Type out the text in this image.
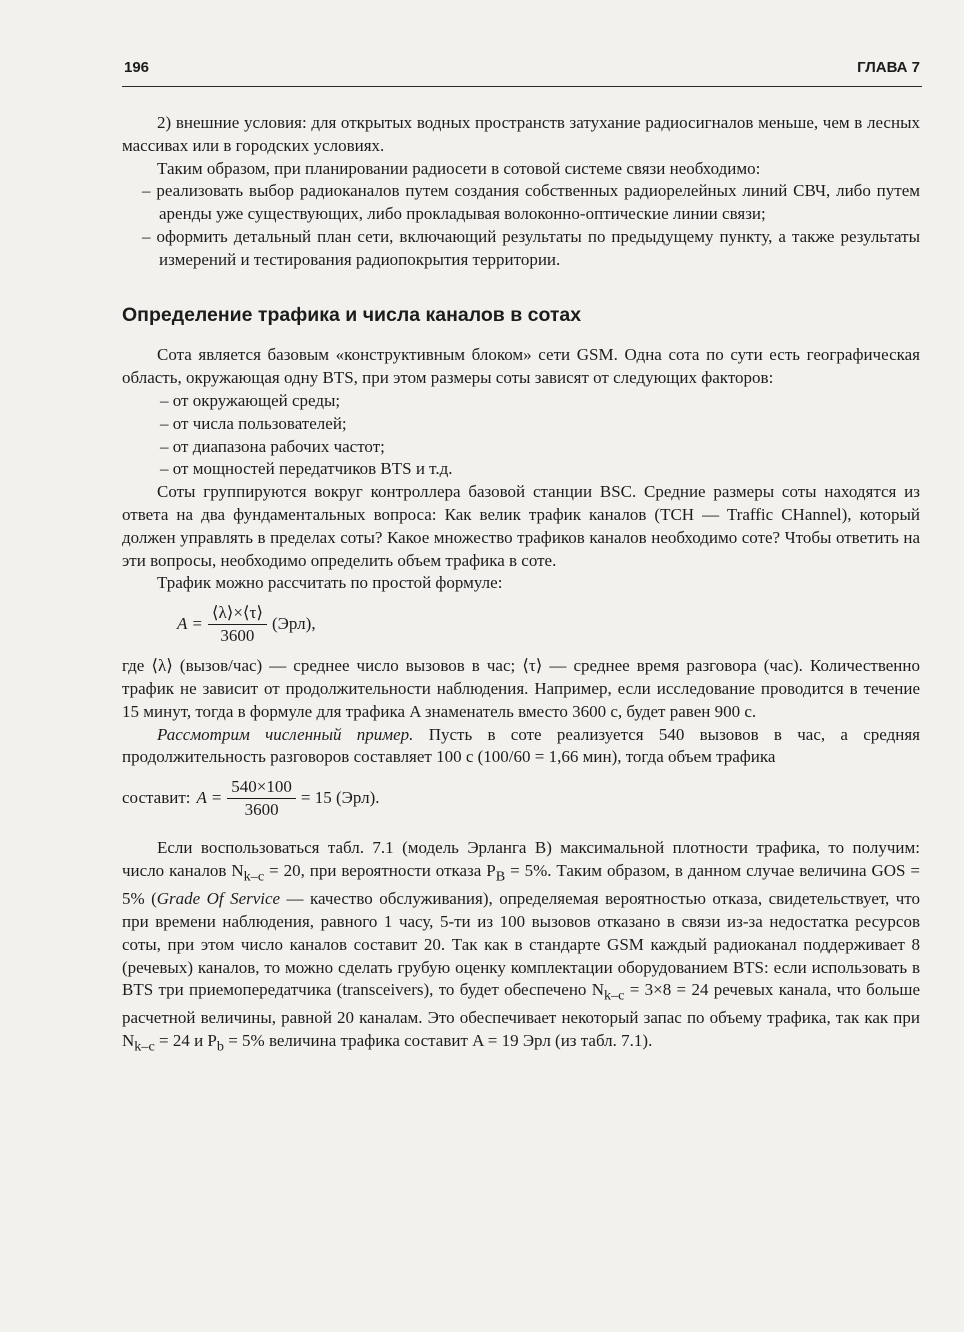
196	ГЛАВА 7

2) внешние условия: для открытых водных пространств затухание радиосигналов меньше, чем в лесных массивах или в городских условиях.

Таким образом, при планировании радиосети в сотовой системе связи необходимо:

– реализовать выбор радиоканалов путем создания собственных радиорелейных линий СВЧ, либо путем аренды уже существующих, либо прокладывая волоконно-оптические линии связи;

– оформить детальный план сети, включающий результаты по предыдущему пункту, а также результаты измерений и тестирования радиопокрытия территории.

Определение трафика и числа каналов в сотах

Сота является базовым «конструктивным блоком» сети GSM. Одна сота по сути есть географическая область, окружающая одну BTS, при этом размеры соты зависят от следующих факторов:

– от окружающей среды;

– от числа пользователей;

– от диапазона рабочих частот;

– от мощностей передатчиков BTS и т.д.

Соты группируются вокруг контроллера базовой станции BSC. Средние размеры соты находятся из ответа на два фундаментальных вопроса: Как велик трафик каналов (TCH — Traffic CHannel), который должен управлять в пределах соты? Какое множество трафиков каналов необходимо соте? Чтобы ответить на эти вопросы, необходимо определить объем трафика в соте.

Трафик можно рассчитать по простой формуле:

$A = \frac{⟨\lambda⟩\times⟨\tau⟩}{3600} (Эрл)$,

где ⟨λ⟩ (вызов/час) — среднее число вызовов в час; ⟨τ⟩ — среднее время разговора (час). Количественно трафик не зависит от продолжительности наблюдения. Например, если исследование проводится в течение 15 минут, тогда в формуле для трафика A знаменатель вместо 3600 с, будет равен 900 с.

Рассмотрим численный пример. Пусть в соте реализуется 540 вызовов в час, а средняя продолжительность разговоров составляет 100 с (100/60 = 1,66 мин), тогда объем трафика

составит: $A = \frac{540\times 100}{3600} = 15$ (Эрл).

Если воспользоваться табл. 7.1 (модель Эрланга B) максимальной плотности трафика, то получим: число каналов $N_{k-c} = 20$, при вероятности отказа $P_B = 5\%$. Таким образом, в данном случае величина GOS = 5% (Grade Of Service — качество обслуживания), определяемая вероятностью отказа, свидетельствует, что при времени наблюдения, равного 1 часу, 5-ти из 100 вызовов отказано в связи из-за недостатка ресурсов соты, при этом число каналов составит 20. Так как в стандарте GSM каждый радиоканал поддерживает 8 (речевых) каналов, то можно сделать грубую оценку комплектации оборудованием BTS: если использовать в BTS три приемопередатчика (transceivers), то будет обеспечено $N_{k-c} = 3\times 8 = 24$ речевых канала, что больше расчетной величины, равной 20 каналам. Это обеспечивает некоторый запас по объему трафика, так как при $N_{k-c} = 24$ и $P_b = 5\%$ величина трафика составит A = 19 Эрл (из табл. 7.1).
